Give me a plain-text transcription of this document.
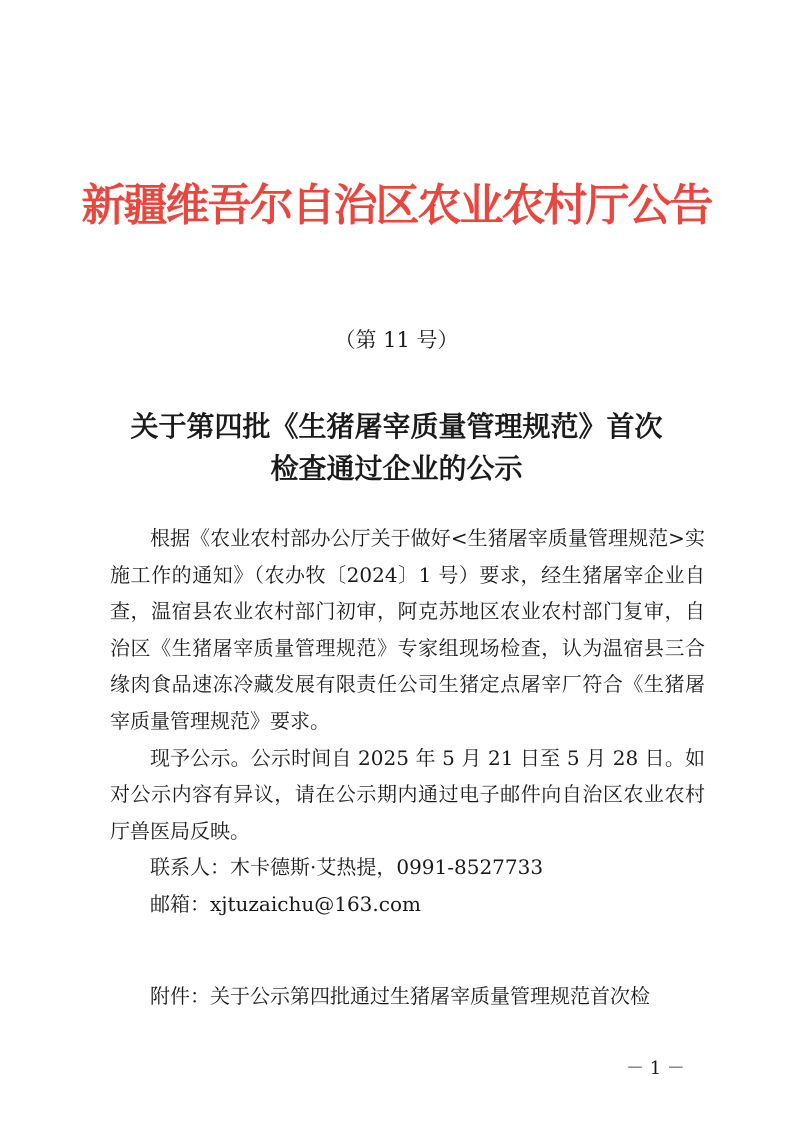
新疆维吾尔自治区农业农村厅公告
（第 11 号）
关于第四批《生猪屠宰质量管理规范》首次
检查通过企业的公示

根据《农业农村部办公厅关于做好<生猪屠宰质量管理规范>实施工作的通知》（农办牧〔2024〕1 号）要求，经生猪屠宰企业自查，温宿县农业农村部门初审，阿克苏地区农业农村部门复审，自治区《生猪屠宰质量管理规范》专家组现场检查，认为温宿县三合缘肉食品速冻冷藏发展有限责任公司生猪定点屠宰厂符合《生猪屠宰质量管理规范》要求。

现予公示。公示时间自 2025 年 5 月 21 日至 5 月 28 日。如对公示内容有异议，请在公示期内通过电子邮件向自治区农业农村厅兽医局反映。

联系人：木卡德斯·艾热提，0991-8527733

邮箱：xjtuzaichu@163.com

附件：关于公示第四批通过生猪屠宰质量管理规范首次检
－ 1 －
